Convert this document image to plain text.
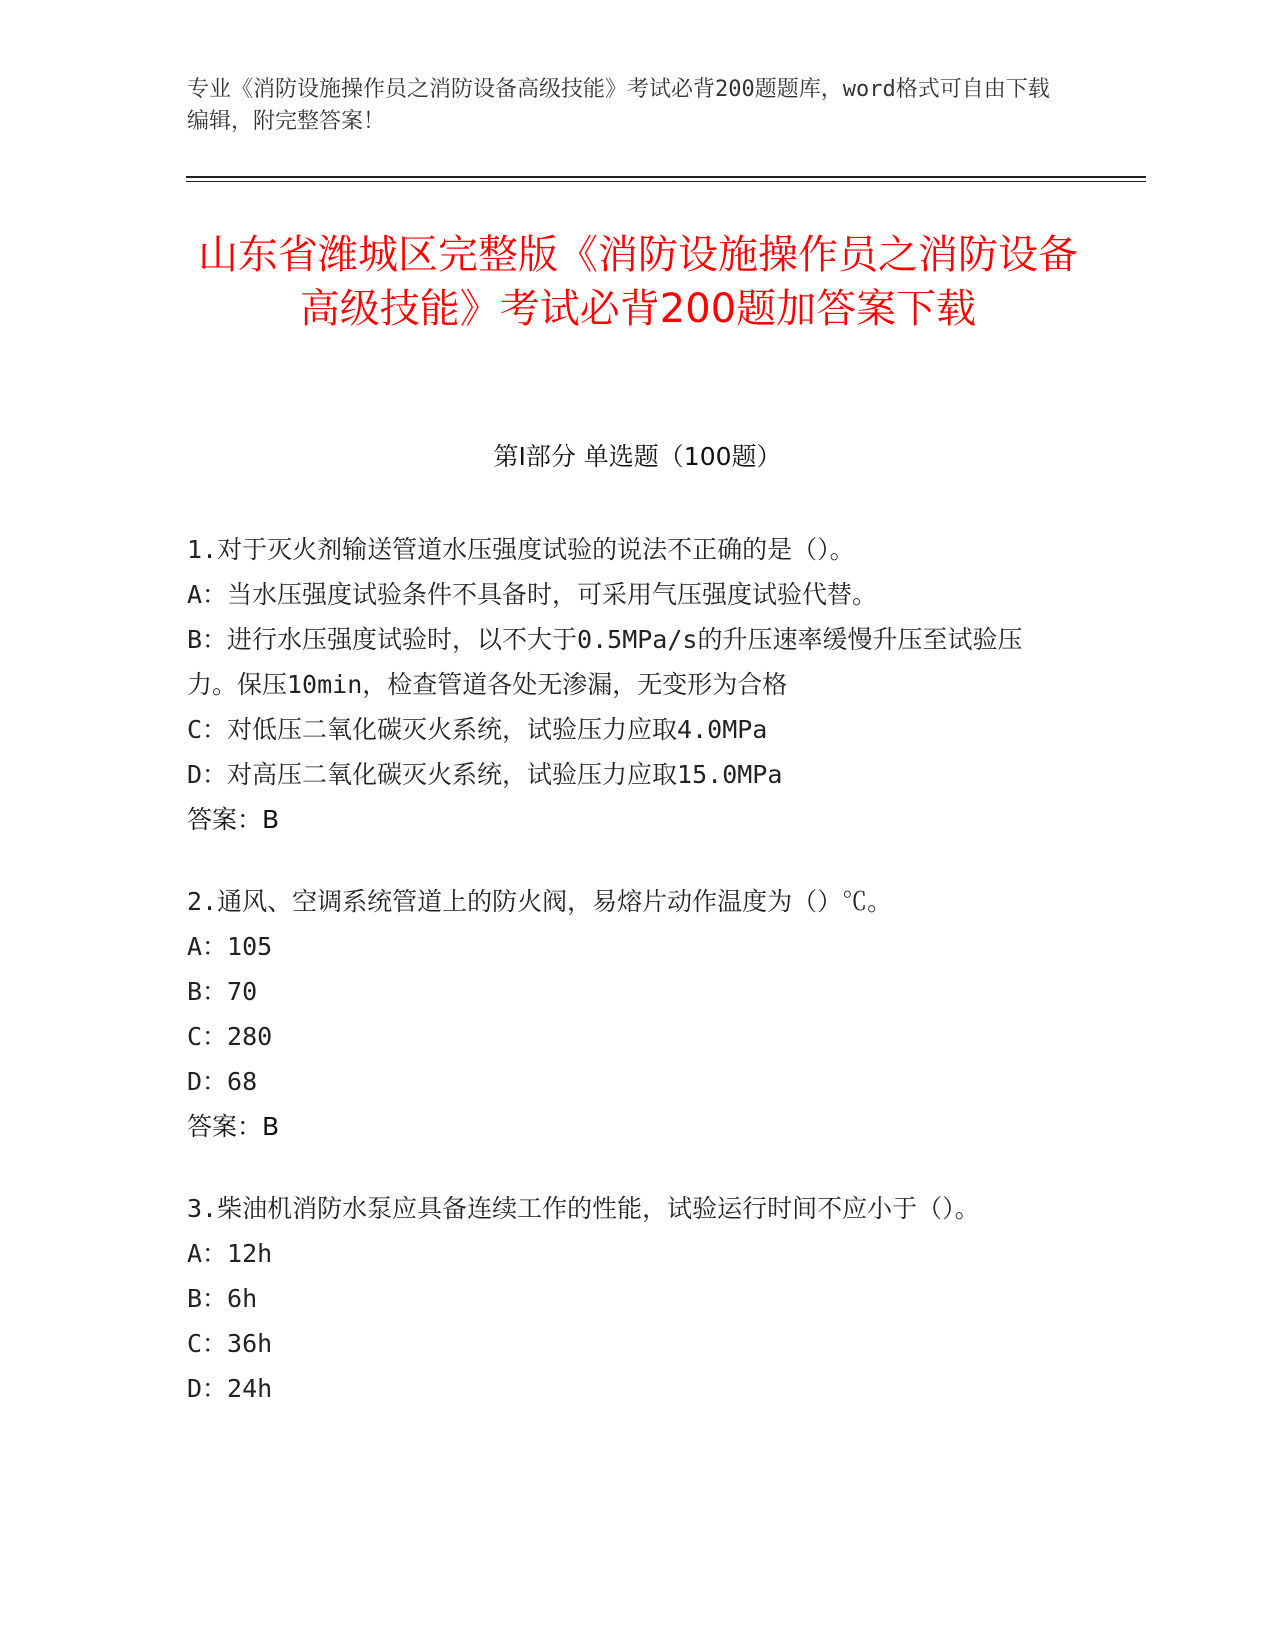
专业《消防设施操作员之消防设备高级技能》考试必背200题题库，word格式可自由下载编辑，附完整答案！
山东省潍城区完整版《消防设施操作员之消防设备高级技能》考试必背200题加答案下载
第Ⅰ部分 单选题（100题）
1.对于灭火剂输送管道水压强度试验的说法不正确的是（）。
A：当水压强度试验条件不具备时，可采用气压强度试验代替。
B：进行水压强度试验时，以不大于0.5MPa/s的升压速率缓慢升压至试验压力。保压10min，检查管道各处无渗漏，无变形为合格
C：对低压二氧化碳灭火系统，试验压力应取4.0MPa
D：对高压二氧化碳灭火系统，试验压力应取15.0MPa
答案：B
2.通风、空调系统管道上的防火阀，易熔片动作温度为（）℃。
A：105
B：70
C：280
D：68
答案：B
3.柴油机消防水泵应具备连续工作的性能，试验运行时间不应小于（）。
A：12h
B：6h
C：36h
D：24h
